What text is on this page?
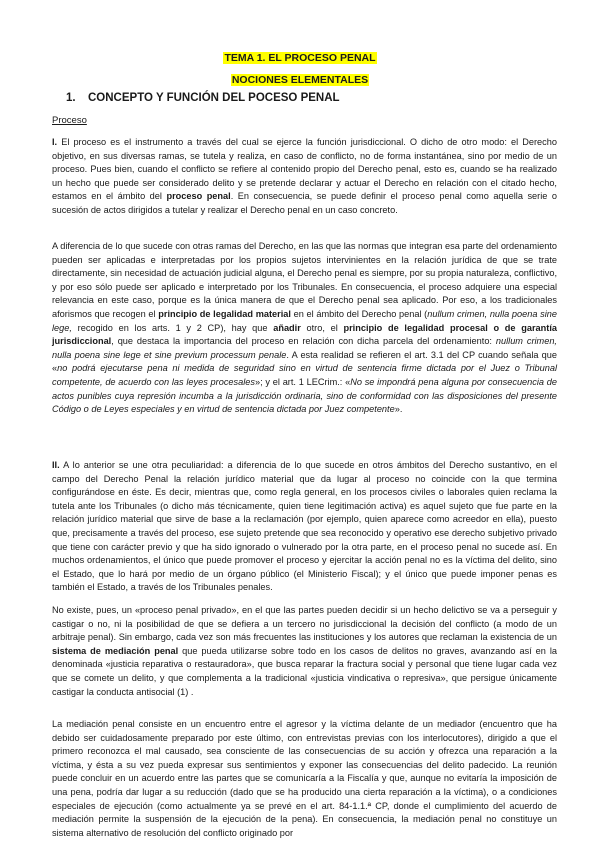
TEMA 1. EL PROCESO PENAL
NOCIONES ELEMENTALES
1. CONCEPTO Y FUNCIÓN DEL POCESO PENAL
Proceso

I. El proceso es el instrumento a través del cual se ejerce la función jurisdiccional. O dicho de otro modo: el Derecho objetivo, en sus diversas ramas, se tutela y realiza, en caso de conflicto, no de forma instantánea, sino por medio de un proceso. Pues bien, cuando el conflicto se refiere al contenido propio del Derecho penal, esto es, cuando se ha realizado un hecho que puede ser considerado delito y se pretende declarar y actuar el Derecho en relación con el citado hecho, estamos en el ámbito del proceso penal. En consecuencia, se puede definir el proceso penal como aquella serie o sucesión de actos dirigidos a tutelar y realizar el Derecho penal en un caso concreto.

A diferencia de lo que sucede con otras ramas del Derecho, en las que las normas que integran esa parte del ordenamiento pueden ser aplicadas e interpretadas por los propios sujetos intervinientes en la relación jurídica de que se trate directamente, sin necesidad de actuación judicial alguna, el Derecho penal es siempre, por su propia naturaleza, conflictivo, y por eso sólo puede ser aplicado e interpretado por los Tribunales. En consecuencia, el proceso adquiere una especial relevancia en este caso, porque es la única manera de que el Derecho penal sea aplicado. Por eso, a los tradicionales aforismos que recogen el principio de legalidad material en el ámbito del Derecho penal (nullum crimen, nulla poena sine lege, recogido en los arts. 1 y 2 CP), hay que añadir otro, el principio de legalidad procesal o de garantía jurisdiccional, que destaca la importancia del proceso en relación con dicha parcela del ordenamiento: nullum crimen, nulla poena sine lege et sine previum processum penale. A esta realidad se refieren el art. 3.1 del CP cuando señala que «no podrá ejecutarse pena ni medida de seguridad sino en virtud de sentencia firme dictada por el Juez o Tribunal competente, de acuerdo con las leyes procesales»; y el art. 1 LECrim.: «No se impondrá pena alguna por consecuencia de actos punibles cuya represión incumba a la jurisdicción ordinaria, sino de conformidad con las disposiciones del presente Código o de Leyes especiales y en virtud de sentencia dictada por Juez competente».

II. A lo anterior se une otra peculiaridad: a diferencia de lo que sucede en otros ámbitos del Derecho sustantivo, en el campo del Derecho Penal la relación jurídico material que da lugar al proceso no coincide con la que termina configurándose en éste. Es decir, mientras que, como regla general, en los procesos civiles o laborales quien reclama la tutela ante los Tribunales (o dicho más técnicamente, quien tiene legitimación activa) es aquel sujeto que fue parte en la relación jurídico material que sirve de base a la reclamación (por ejemplo, quien aparece como acreedor en ella), puesto que, precisamente a través del proceso, ese sujeto pretende que sea reconocido y operativo ese derecho subjetivo privado que tiene con carácter previo y que ha sido ignorado o vulnerado por la otra parte, en el proceso penal no sucede así. En muchos ordenamientos, el único que puede promover el proceso y ejercitar la acción penal no es la víctima del delito, sino el Estado, que lo hará por medio de un órgano público (el Ministerio Fiscal); y el único que puede imponer penas es también el Estado, a través de los Tribunales penales.

No existe, pues, un «proceso penal privado», en el que las partes pueden decidir si un hecho delictivo se va a perseguir y castigar o no, ni la posibilidad de que se defiera a un tercero no jurisdiccional la decisión del conflicto (a modo de un arbitraje penal). Sin embargo, cada vez son más frecuentes las instituciones y los autores que reclaman la existencia de un sistema de mediación penal que pueda utilizarse sobre todo en los casos de delitos no graves, avanzando así en la denominada «justicia reparativa o restauradora», que busca reparar la fractura social y personal que tiene lugar cada vez que se comete un delito, y que complementa a la tradicional «justicia vindicativa o represiva», que persigue únicamente castigar la conducta antisocial (1) .

La mediación penal consiste en un encuentro entre el agresor y la víctima delante de un mediador (encuentro que ha debido ser cuidadosamente preparado por este último, con entrevistas previas con los interlocutores), dirigido a que el primero reconozca el mal causado, sea consciente de las consecuencias de su acción y ofrezca una reparación a la víctima, y ésta a su vez pueda expresar sus sentimientos y exponer las consecuencias del delito padecido. La reunión puede concluir en un acuerdo entre las partes que se comunicaría a la Fiscalía y que, aunque no evitaría la imposición de una pena, podría dar lugar a su reducción (dado que se ha producido una cierta reparación a la víctima), o a condiciones especiales de ejecución (como actualmente ya se prevé en el art. 84-1.1.ª CP, donde el cumplimiento del acuerdo de mediación permite la suspensión de la ejecución de la pena). En consecuencia, la mediación penal no constituye un sistema alternativo de resolución del conflicto originado por
